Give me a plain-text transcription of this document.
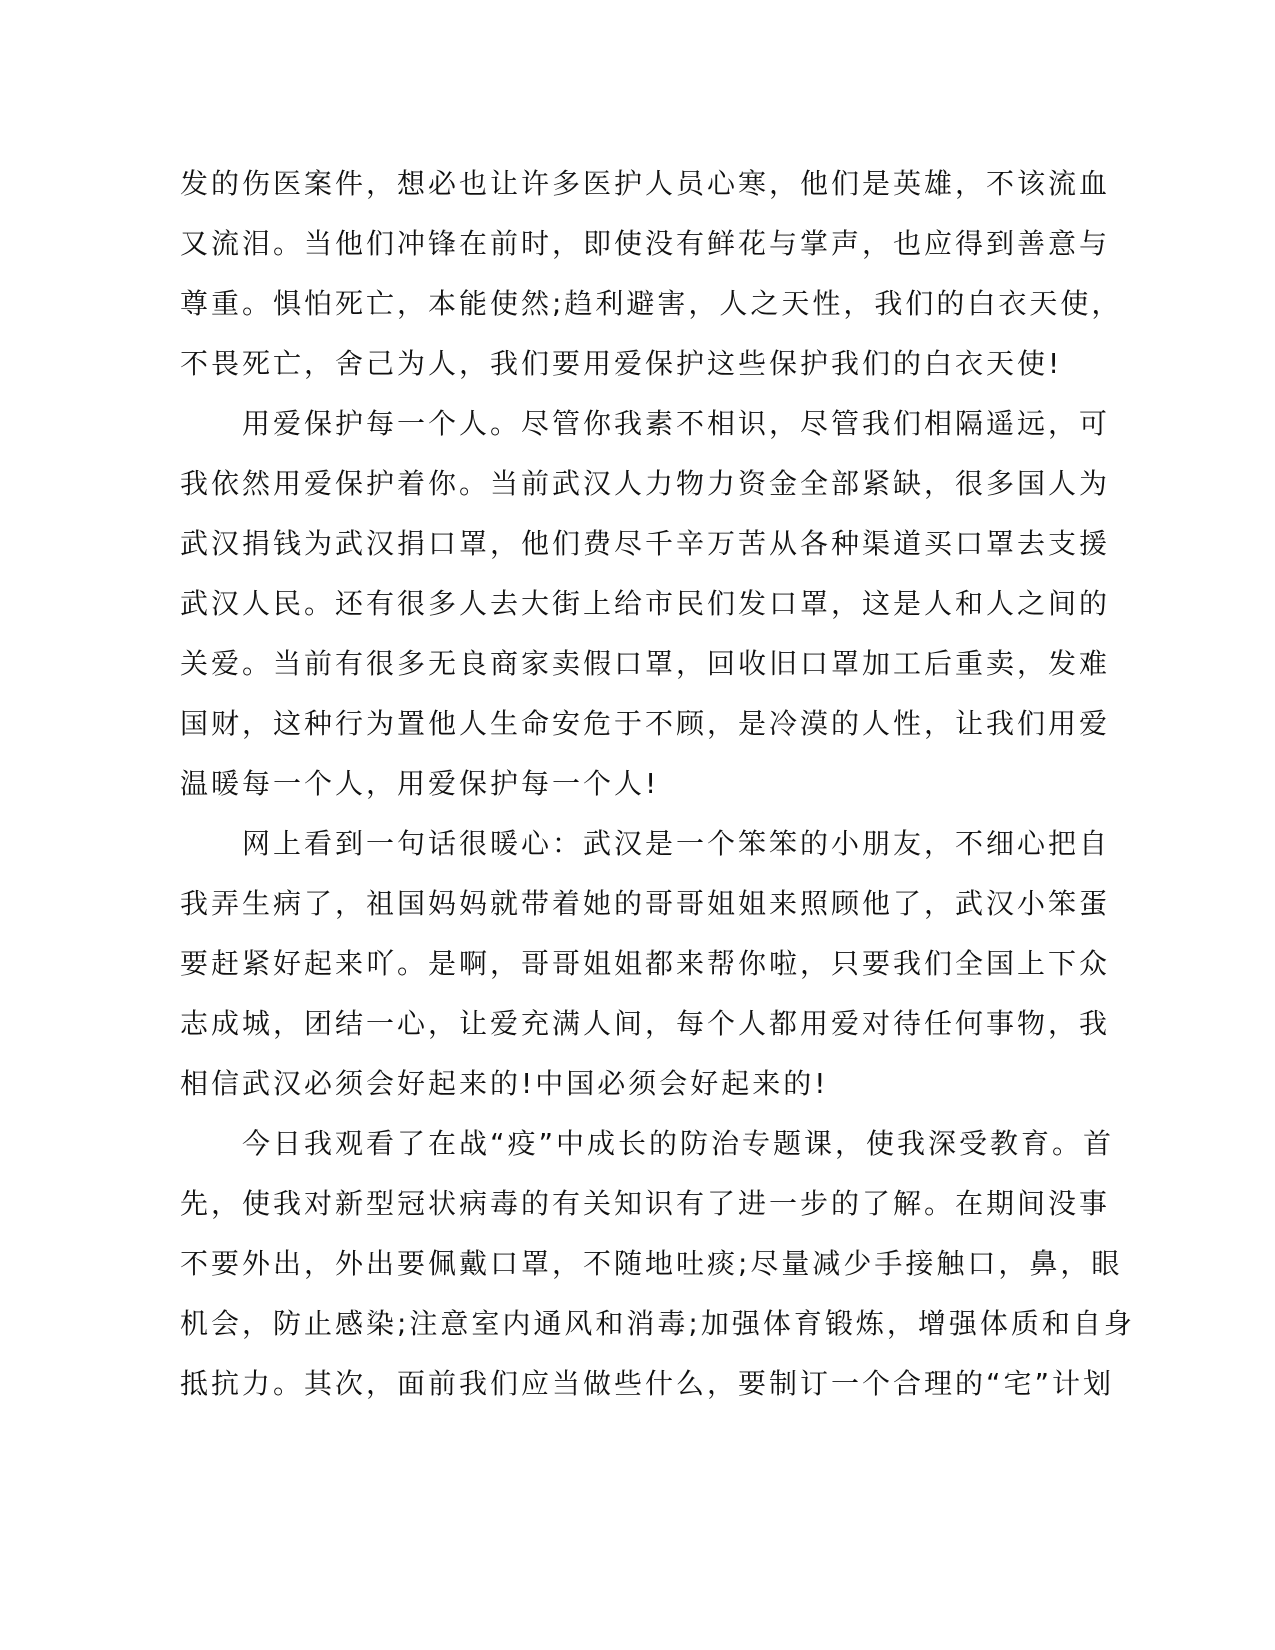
发的伤医案件，想必也让许多医护人员心寒，他们是英雄，不该流血
又流泪。当他们冲锋在前时，即使没有鲜花与掌声，也应得到善意与
尊重。惧怕死亡，本能使然;趋利避害，人之天性，我们的白衣天使，
不畏死亡，舍己为人，我们要用爱保护这些保护我们的白衣天使!
　　用爱保护每一个人。尽管你我素不相识，尽管我们相隔遥远，可
我依然用爱保护着你。当前武汉人力物力资金全部紧缺，很多国人为
武汉捐钱为武汉捐口罩，他们费尽千辛万苦从各种渠道买口罩去支援
武汉人民。还有很多人去大街上给市民们发口罩，这是人和人之间的
关爱。当前有很多无良商家卖假口罩，回收旧口罩加工后重卖，发难
国财，这种行为置他人生命安危于不顾，是冷漠的人性，让我们用爱
温暖每一个人，用爱保护每一个人!
　　网上看到一句话很暖心：武汉是一个笨笨的小朋友，不细心把自
我弄生病了，祖国妈妈就带着她的哥哥姐姐来照顾他了，武汉小笨蛋
要赶紧好起来吖。是啊，哥哥姐姐都来帮你啦，只要我们全国上下众
志成城，团结一心，让爱充满人间，每个人都用爱对待任何事物，我
相信武汉必须会好起来的!中国必须会好起来的!
　　今日我观看了在战“疫”中成长的防治专题课，使我深受教育。首
先，使我对新型冠状病毒的有关知识有了进一步的了解。在期间没事
不要外出，外出要佩戴口罩，不随地吐痰;尽量减少手接触口，鼻，眼
机会，防止感染;注意室内通风和消毒;加强体育锻炼，增强体质和自身
抵抗力。其次，面前我们应当做些什么，要制订一个合理的“宅”计划
